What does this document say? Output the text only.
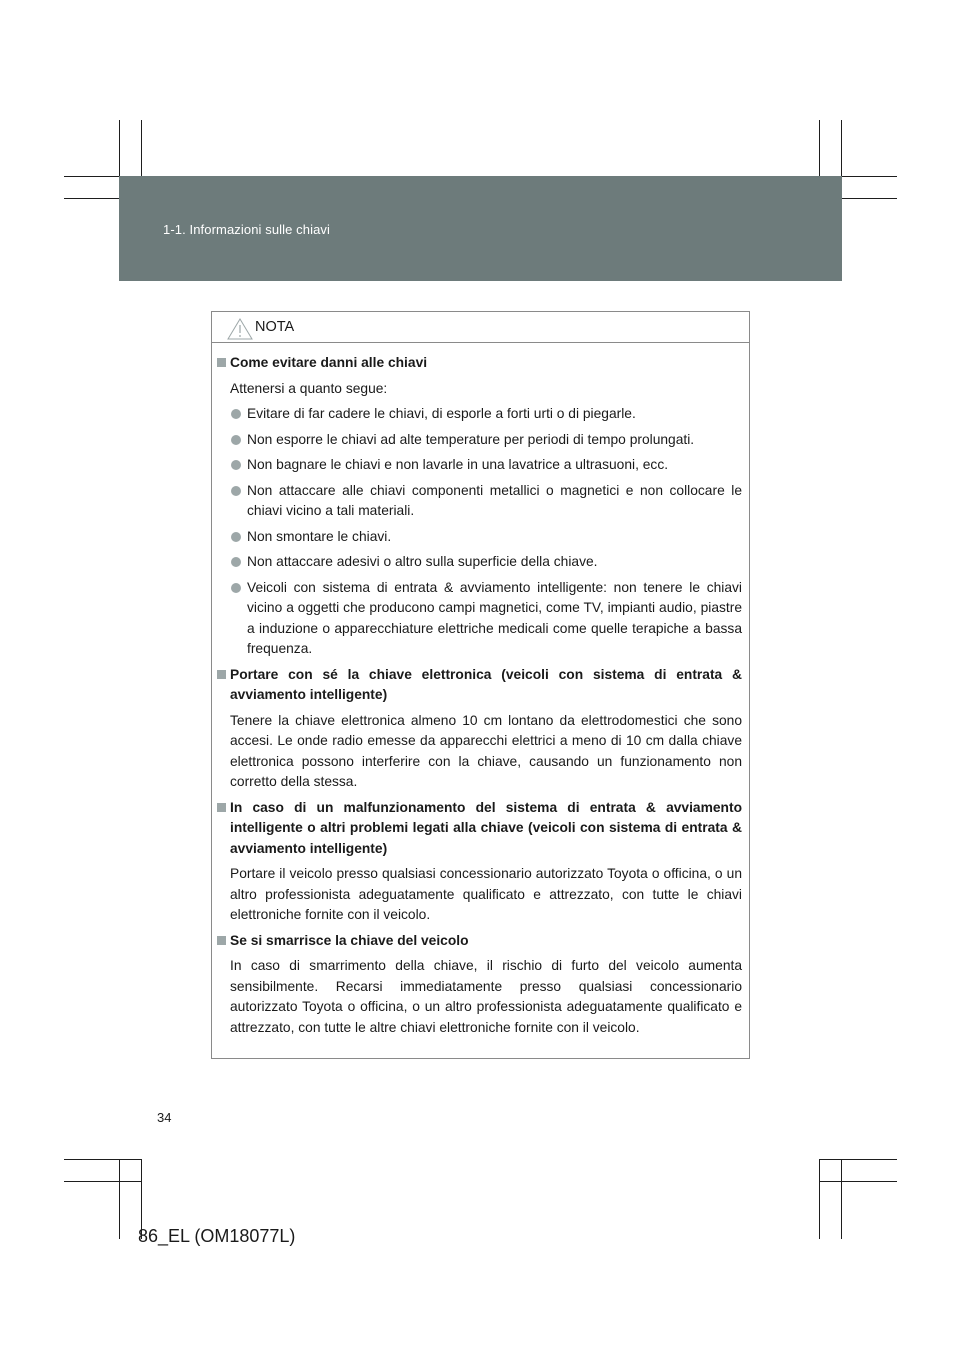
1-1. Informazioni sulle chiavi
NOTA
Come evitare danni alle chiavi
Attenersi a quanto segue:
Evitare di far cadere le chiavi, di esporle a forti urti o di piegarle.
Non esporre le chiavi ad alte temperature per periodi di tempo prolungati.
Non bagnare le chiavi e non lavarle in una lavatrice a ultrasuoni, ecc.
Non attaccare alle chiavi componenti metallici o magnetici e non collocare le chiavi vicino a tali materiali.
Non smontare le chiavi.
Non attaccare adesivi o altro sulla superficie della chiave.
Veicoli con sistema di entrata & avviamento intelligente: non tenere le chiavi vicino a oggetti che producono campi magnetici, come TV, impianti audio, piastre a induzione o apparecchiature elettriche medicali come quelle terapiche a bassa frequenza.
Portare con sé la chiave elettronica (veicoli con sistema di entrata & avviamento intelligente)
Tenere la chiave elettronica almeno 10 cm lontano da elettrodomestici che sono accesi. Le onde radio emesse da apparecchi elettrici a meno di 10 cm dalla chiave elettronica possono interferire con la chiave, causando un funzionamento non corretto della stessa.
In caso di un malfunzionamento del sistema di entrata & avviamento intelligente o altri problemi legati alla chiave (veicoli con sistema di entrata & avviamento intelligente)
Portare il veicolo presso qualsiasi concessionario autorizzato Toyota o officina, o un altro professionista adeguatamente qualificato e attrezzato, con tutte le chiavi elettroniche fornite con il veicolo.
Se si smarrisce la chiave del veicolo
In caso di smarrimento della chiave, il rischio di furto del veicolo aumenta sensibilmente. Recarsi immediatamente presso qualsiasi concessionario autorizzato Toyota o officina, o un altro professionista adeguatamente qualificato e attrezzato, con tutte le altre chiavi elettroniche fornite con il veicolo.
34
86_EL (OM18077L)
